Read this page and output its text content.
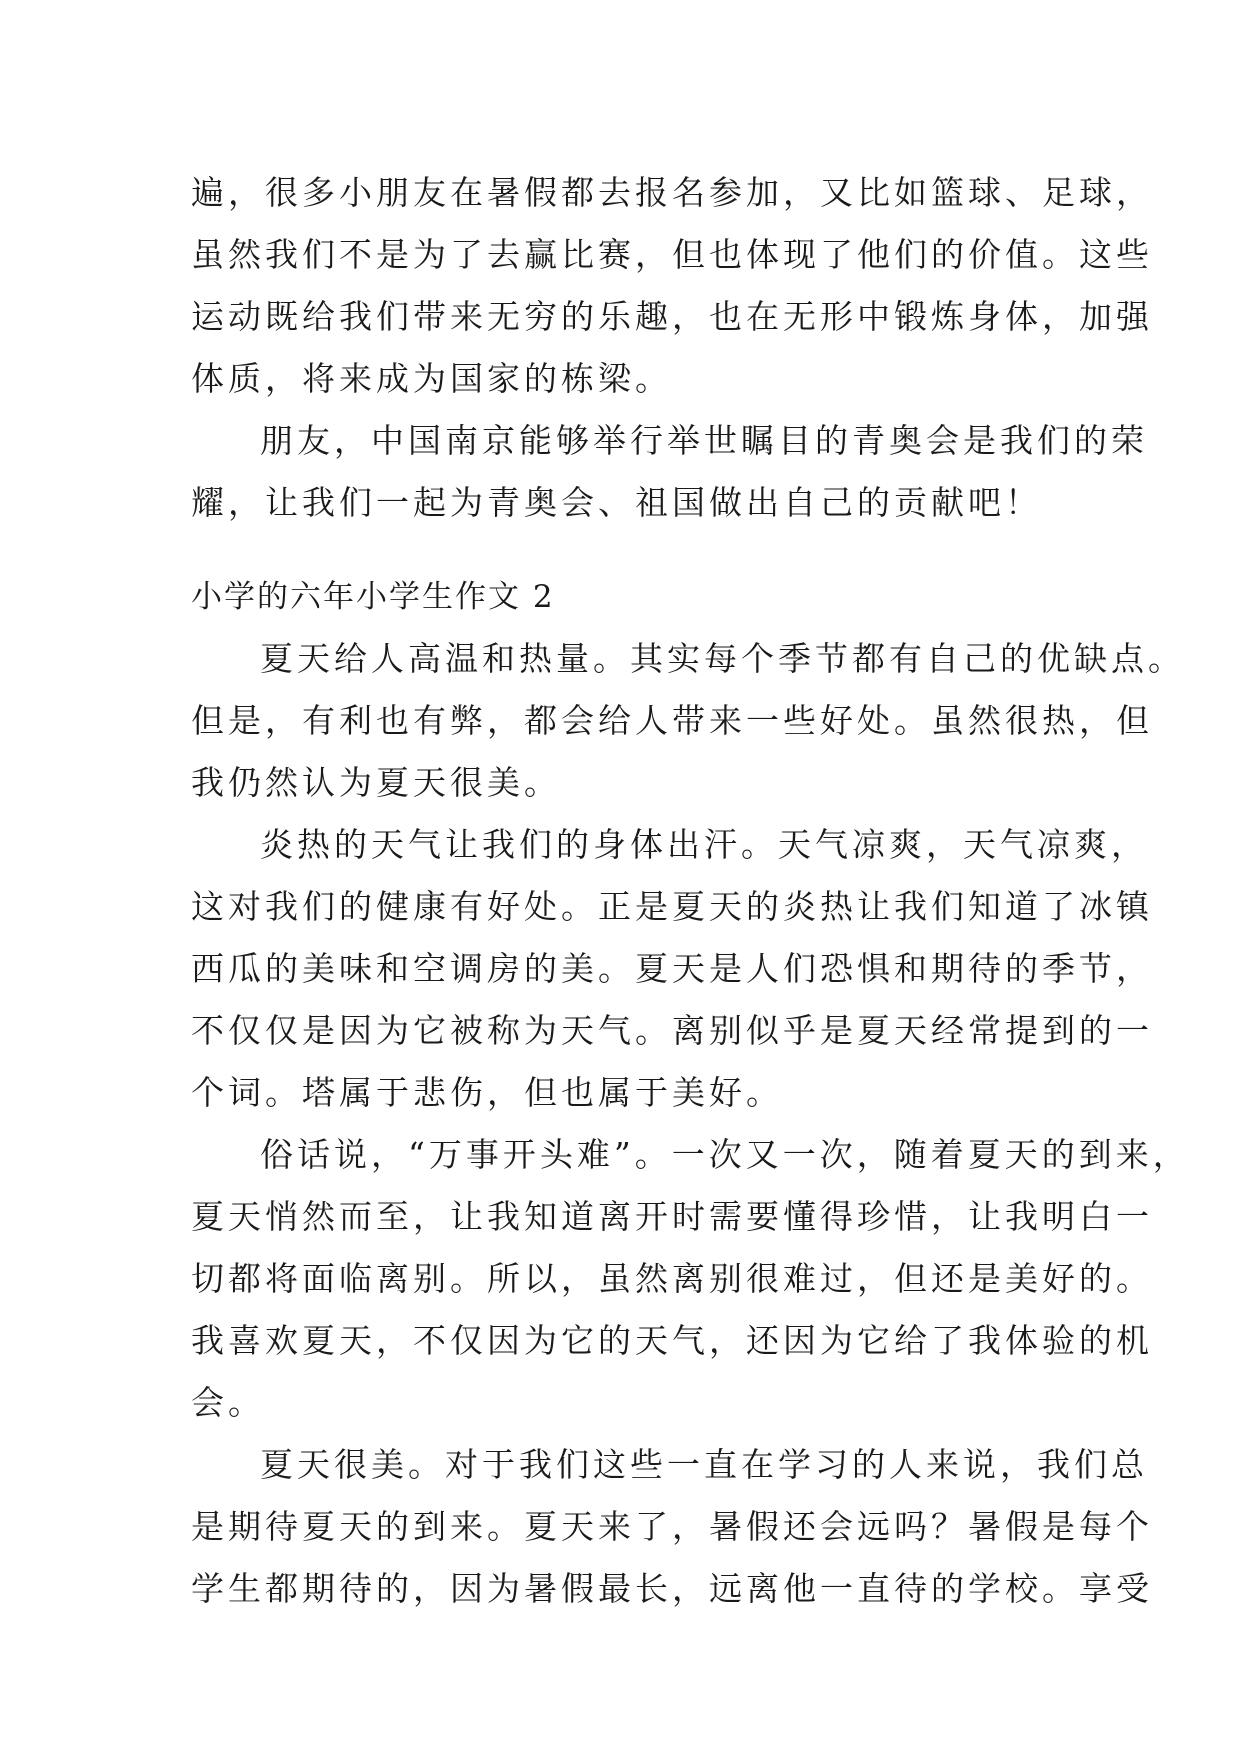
遍，很多小朋友在暑假都去报名参加，又比如篮球、足球，
虽然我们不是为了去赢比赛，但也体现了他们的价值。这些
运动既给我们带来无穷的乐趣，也在无形中锻炼身体，加强
体质，将来成为国家的栋梁。
朋友，中国南京能够举行举世瞩目的青奥会是我们的荣
耀，让我们一起为青奥会、祖国做出自己的贡献吧！
小学的六年小学生作文 2
夏天给人高温和热量。其实每个季节都有自己的优缺点。
但是，有利也有弊，都会给人带来一些好处。虽然很热，但
我仍然认为夏天很美。
炎热的天气让我们的身体出汗。天气凉爽，天气凉爽，
这对我们的健康有好处。正是夏天的炎热让我们知道了冰镇
西瓜的美味和空调房的美。夏天是人们恐惧和期待的季节，
不仅仅是因为它被称为天气。离别似乎是夏天经常提到的一
个词。塔属于悲伤，但也属于美好。
俗话说，“万事开头难”。一次又一次，随着夏天的到来，
夏天悄然而至，让我知道离开时需要懂得珍惜，让我明白一
切都将面临离别。所以，虽然离别很难过，但还是美好的。
我喜欢夏天，不仅因为它的天气，还因为它给了我体验的机
会。
夏天很美。对于我们这些一直在学习的人来说，我们总
是期待夏天的到来。夏天来了，暑假还会远吗？暑假是每个
学生都期待的，因为暑假最长，远离他一直待的学校。享受
